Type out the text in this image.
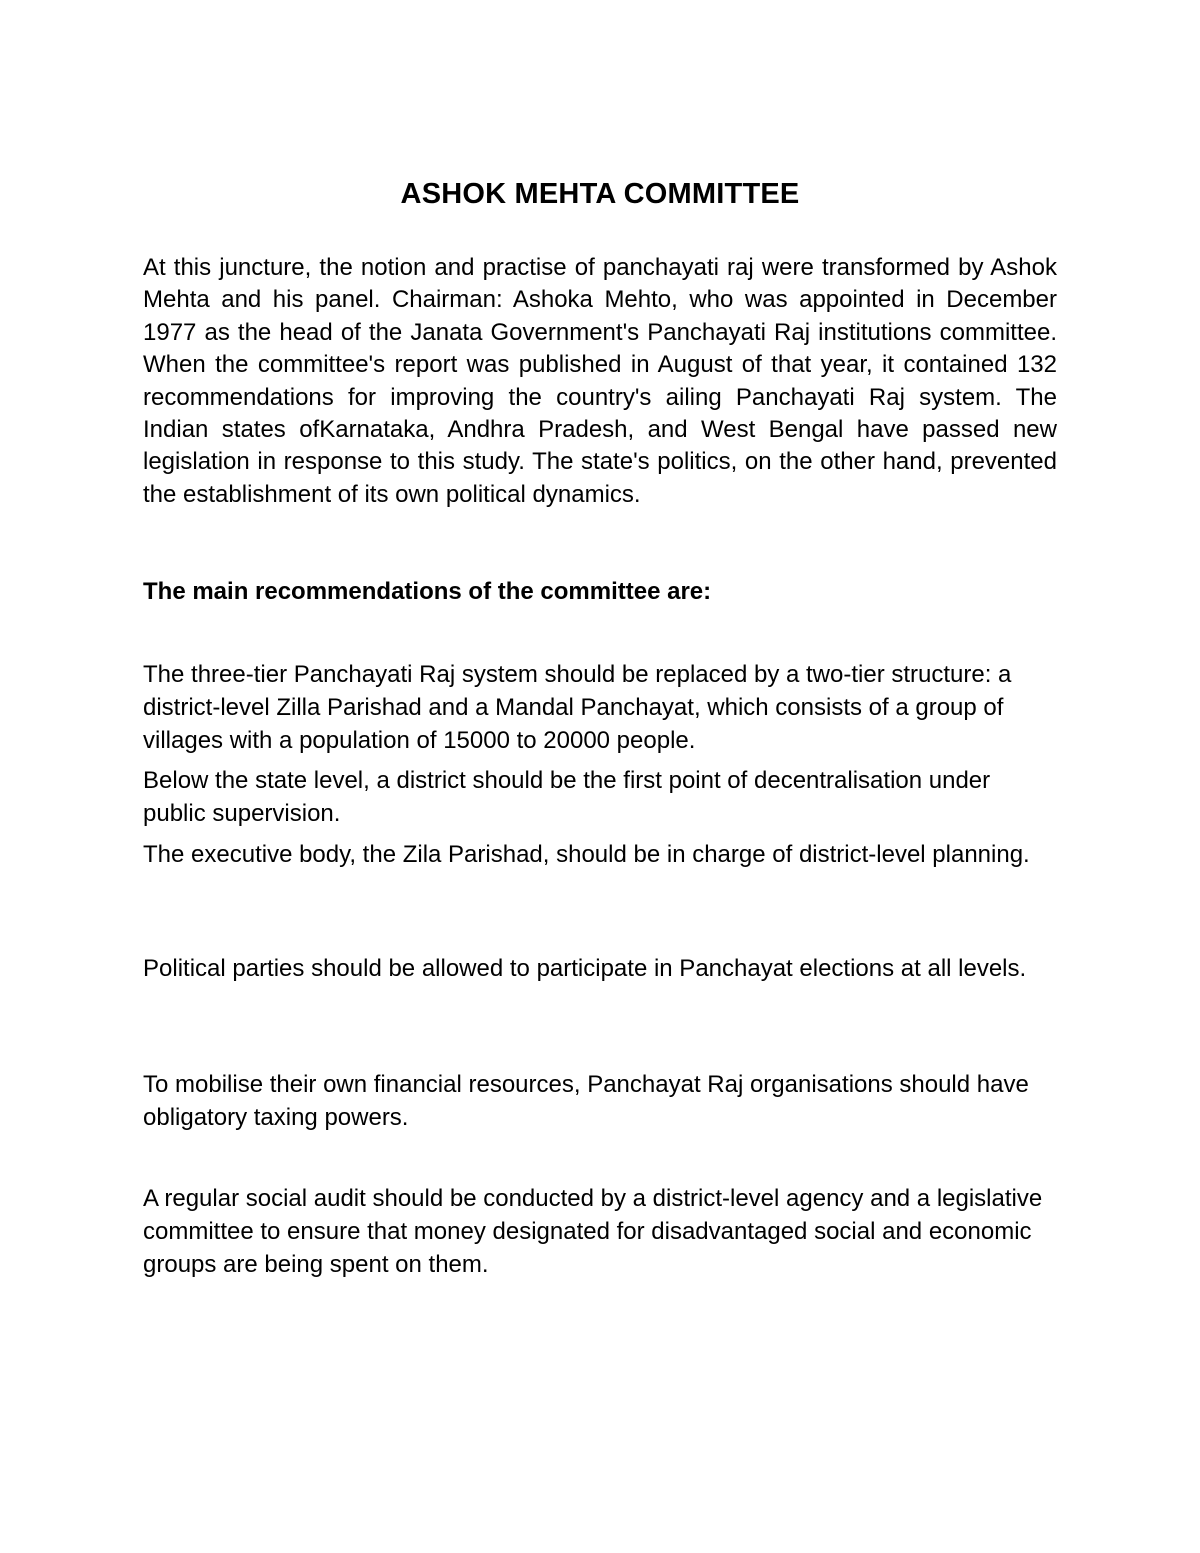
ASHOK MEHTA COMMITTEE

At this juncture, the notion and practise of panchayati raj were transformed by Ashok Mehta and his panel. Chairman: Ashoka Mehto, who was appointed in December 1977 as the head of the Janata Government's Panchayati Raj institutions committee. When the committee's report was published in August of that year, it contained 132 recommendations for improving the country's ailing Panchayati Raj system. The Indian states ofKarnataka, Andhra Pradesh, and West Bengal have passed new legislation in response to this study. The state's politics, on the other hand, prevented the establishment of its own political dynamics.

The main recommendations of the committee are:

The three-tier Panchayati Raj system should be replaced by a two-tier structure: a district-level Zilla Parishad and a Mandal Panchayat, which consists of a group of villages with a population of 15000 to 20000 people.

Below the state level, a district should be the first point of decentralisation under public supervision.

The executive body, the Zila Parishad, should be in charge of district-level planning.

Political parties should be allowed to participate in Panchayat elections at all levels.

To mobilise their own financial resources, Panchayat Raj organisations should have obligatory taxing powers.

A regular social audit should be conducted by a district-level agency and a legislative committee to ensure that money designated for disadvantaged social and economic groups are being spent on them.
